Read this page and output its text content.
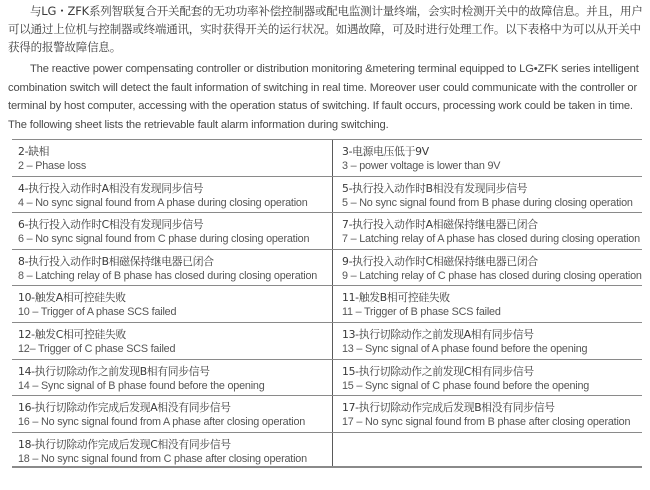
与LG・ZFK系列智联复合开关配套的无功功率补偿控制器或配电监测计量终端，会实时检测开关中的故障信息。并且，用户可以通过上位机与控制器或终端通讯，实时获得开关的运行状况。如遇故障，可及时进行处理工作。以下表格中为可以从开关中获得的报警故障信息。
The reactive power compensating controller or distribution monitoring &metering terminal equipped to LG•ZFK series intelligent combination switch will detect the fault information of switching in real time. Moreover user could communicate with the controller or terminal by host computer, accessing with the operation status of switching. If fault occurs, processing work could be taken in time. The following sheet lists the retrievable fault alarm information during switching.
2-缺相
2 – Phase loss
3-电源电压低于9V
3 – power voltage is lower than 9V
4-执行投入动作时A相没有发现同步信号
4 – No sync signal found from A phase during closing operation
5-执行投入动作时B相没有发现同步信号
5 – No sync signal found from B phase during closing operation
6-执行投入动作时C相没有发现同步信号
6 – No sync signal found from C phase during closing operation
7-执行投入动作时A相磁保持继电器已闭合
7 – Latching relay of A phase has closed during closing operation
8-执行投入动作时B相磁保持继电器已闭合
8 – Latching relay of B phase has closed during closing operation
9-执行投入动作时C相磁保持继电器已闭合
9 – Latching relay of C phase has closed during closing operation
10-触发A相可控硅失败
10 – Trigger of A phase SCS failed
11-触发B相可控硅失败
11 – Trigger of B phase SCS failed
12-触发C相可控硅失败
12– Trigger of C phase SCS failed
13-执行切除动作之前发现A相有同步信号
13 – Sync signal of A phase found before the opening
14-执行切除动作之前发现B相有同步信号
14 – Sync signal of B phase found before the opening
15-执行切除动作之前发现C相有同步信号
15 – Sync signal of C phase found before the opening
16-执行切除动作完成后发现A相没有同步信号
16 – No sync signal found from A phase after closing operation
17-执行切除动作完成后发现B相没有同步信号
17 – No sync signal found from B phase after closing operation
18-执行切除动作完成后发现C相没有同步信号
18 – No sync signal found from C phase after closing operation
